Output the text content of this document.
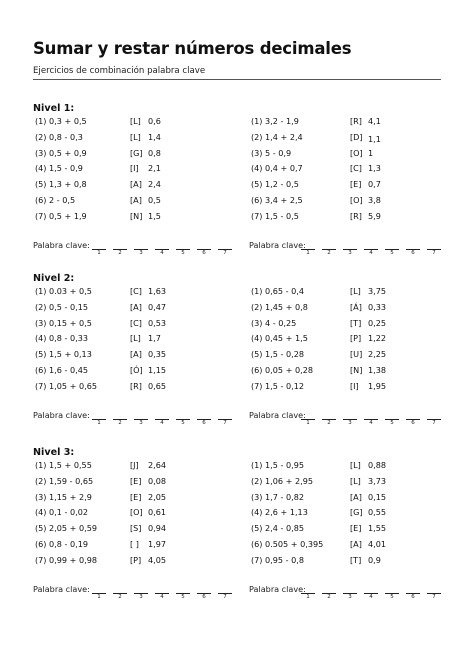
Sumar y restar números decimales
Ejercicios de combinación palabra clave
Nivel 1:
(1) 0,3 + 0,5	[L] 0,6
(2) 0,8 - 0,3	[L] 1,4
(3) 0,5 + 0,9	[G] 0,8
(4) 1,5 - 0,9	[I] 2,1
(5) 1,3 + 0,8	[A] 2,4
(6) 2 - 0,5	[A] 0,5
(7) 0,5 + 1,9	[N] 1,5
Palabra clave:
1	2	3	4	5	6	7
(1) 3,2 - 1,9	[R] 4,1
(2) 1,4 + 2,4	[D] 1,1
(3) 5 - 0,9	[O] 1
(4) 0,4 + 0,7	[C] 1,3
(5) 1,2 - 0,5	[E] 0,7
(6) 3,4 + 2,5	[O] 3,8
(7) 1,5 - 0,5	[R] 5,9
Palabra clave:
1	2	3	4	5	6	7
Nivel 2:
(1) 0.03 + 0,5	[C] 1,63
(2) 0,5 - 0,15	[A] 0,47
(3) 0,15 + 0,5	[C] 0,53
(4) 0,8 - 0,33	[L] 1,7
(5) 1,5 + 0,13	[A] 0,35
(6) 1,6 - 0,45	[Ó] 1,15
(7) 1,05 + 0,65	[R] 0,65
Palabra clave:
1	2	3	4	5	6	7
(1) 0,65 - 0,4	[L] 3,75
(2) 1,45 + 0,8	[Á] 0,33
(3) 4 - 0,25	[T] 0,25
(4) 0,45 + 1,5	[P] 1,22
(5) 1,5 - 0,28	[U] 2,25
(6) 0,05 + 0,28	[N] 1,38
(7) 1,5 - 0,12	[I] 1,95
Palabra clave:
1	2	3	4	5	6	7
Nivel 3:
(1) 1,5 + 0,55	[J] 2,64
(2) 1,59 - 0,65	[E] 0,08
(3) 1,15 + 2,9	[E] 2,05
(4) 0,1 - 0,02	[O] 0,61
(5) 2,05 + 0,59	[S] 0,94
(6) 0,8 - 0,19	[ ] 1,97
(7) 0,99 + 0,98	[P] 4,05
Palabra clave:
1	2	3	4	5	6	7
(1) 1,5 - 0,95	[L] 0,88
(2) 1,06 + 2,95	[L] 3,73
(3) 1,7 - 0,82	[A] 0,15
(4) 2,6 + 1,13	[G] 0,55
(5) 2,4 - 0,85	[E] 1,55
(6) 0.505 + 0,395	[A] 4,01
(7) 0,95 - 0,8	[T] 0,9
Palabra clave:
1	2	3	4	5	6	7
